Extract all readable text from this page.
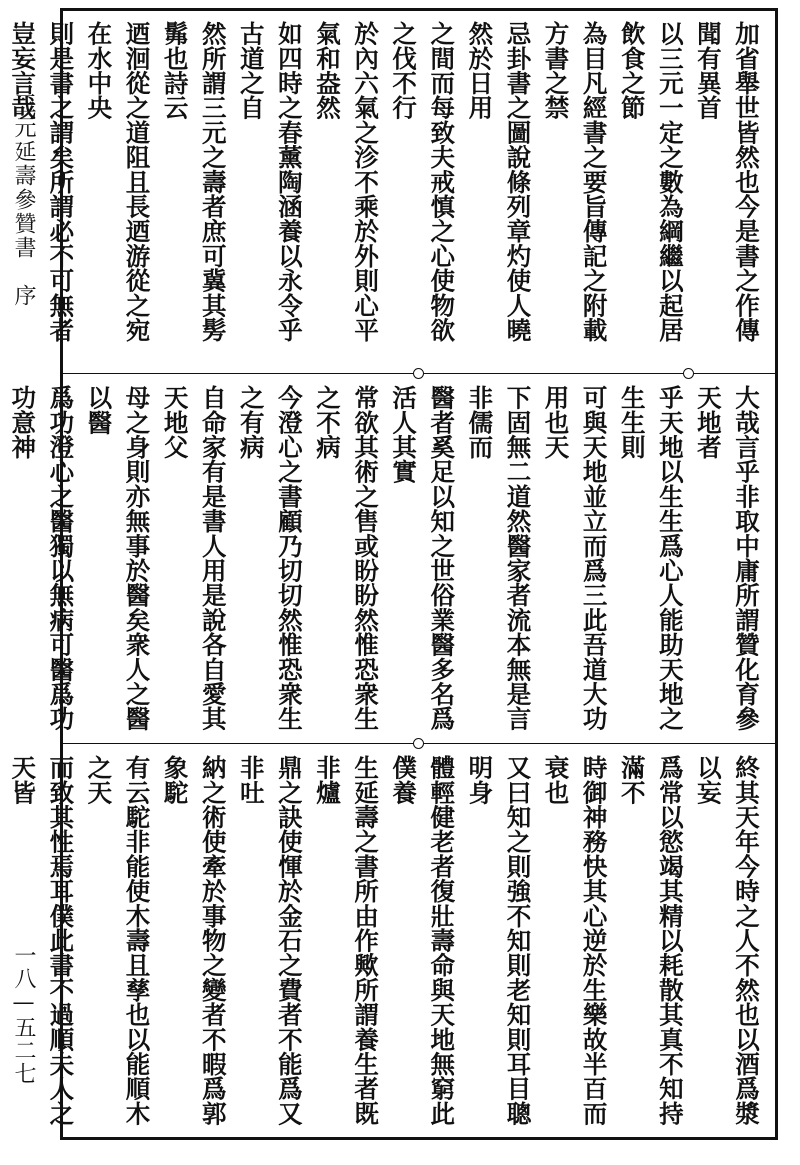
三元延壽參贊書　序
一八—五二七

加省舉世皆然也今是書之作傳聞有異首

以三元一定之數為綱繼以起居飲食之節

為目凡經書之要旨傳記之附載方書之禁

忌卦書之圖說條列章灼使人曉然於日用

之間而每致夫戒慎之心使物欲之伐不行

於內六氣之沴不乘於外則心平氣和盎然

如四時之春薰陶涵養以永令乎古道之自

然所謂三元之壽者庶可冀其髣髴也詩云

迺洄從之道阻且長迺游從之宛在水中央

則是書之謂矣所謂必不可無者豈妄言哉

大哉言乎非取中庸所謂贊化育參天地者

乎天地以生生爲心人能助天地之生生則

可與天地並立而爲三此吾道大功用也天

下固無二道然醫家者流本無是言非儒而

醫者奚足以知之世俗業醫多名爲活人其實

常欲其術之售或盼盼然惟恐衆生之不病

今澄心之書顧乃切切然惟恐衆生之有病

自命家有是書人用是說各自愛其天地父

母之身則亦無事於醫矣衆人之醫以醫

爲功澄心之醫獨以無病可醫爲功功意神

終其天年今時之人不然也以酒爲漿以妄

爲常以慾竭其精以耗散其真不知持滿不

時御神務快其心逆於生樂故半百而衰也

又曰知之則強不知則老知則耳目聰明身

體輕健老者復壯壽命與天地無窮此僕養

生延壽之書所由作歟所謂養生者既非爐

鼎之訣使惲於金石之費者不能爲又非吐

納之術使牽於事物之變者不暇爲郭象駝

有云駝非能使木壽且孳也以能順木之天

而致其性焉耳僕此書不過順夫人之天皆
